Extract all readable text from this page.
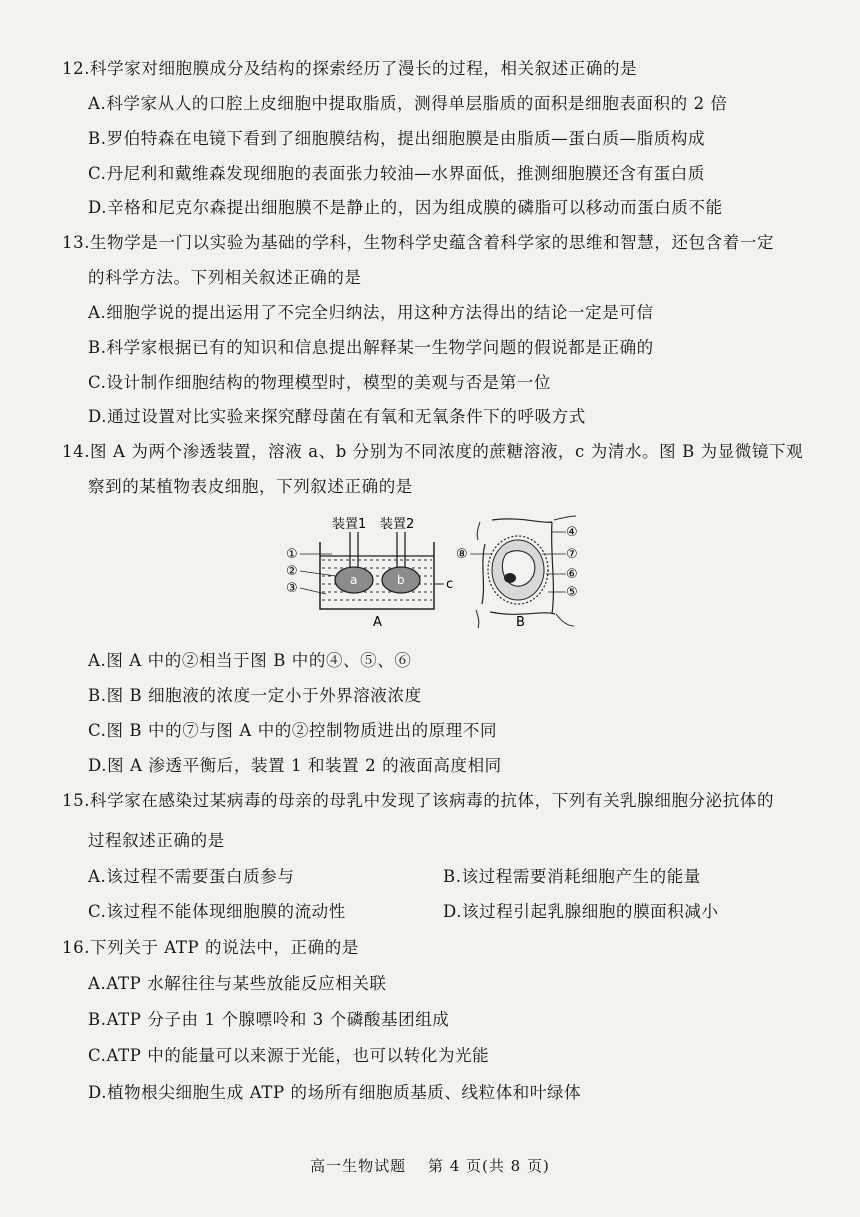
12.科学家对细胞膜成分及结构的探索经历了漫长的过程，相关叙述正确的是
A.科学家从人的口腔上皮细胞中提取脂质，测得单层脂质的面积是细胞表面积的 2 倍
B.罗伯特森在电镜下看到了细胞膜结构，提出细胞膜是由脂质—蛋白质—脂质构成
C.丹尼利和戴维森发现细胞的表面张力较油—水界面低，推测细胞膜还含有蛋白质
D.辛格和尼克尔森提出细胞膜不是静止的，因为组成膜的磷脂可以移动而蛋白质不能
13.生物学是一门以实验为基础的学科，生物科学史蕴含着科学家的思维和智慧，还包含着一定
的科学方法。下列相关叙述正确的是
A.细胞学说的提出运用了不完全归纳法，用这种方法得出的结论一定是可信
B.科学家根据已有的知识和信息提出解释某一生物学问题的假说都是正确的
C.设计制作细胞结构的物理模型时，模型的美观与否是第一位
D.通过设置对比实验来探究酵母菌在有氧和无氧条件下的呼吸方式
14.图 A 为两个渗透装置，溶液 a、b 分别为不同浓度的蔗糖溶液，c 为清水。图 B 为显微镜下观
察到的某植物表皮细胞，下列叙述正确的是
装置1 装置2
a	b	c
①
②
③
A
④
⑦
⑥
⑤
⑧
B
A.图 A 中的②相当于图 B 中的④、⑤、⑥
B.图 B 细胞液的浓度一定小于外界溶液浓度
C.图 B 中的⑦与图 A 中的②控制物质进出的原理不同
D.图 A 渗透平衡后，装置 1 和装置 2 的液面高度相同
15.科学家在感染过某病毒的母亲的母乳中发现了该病毒的抗体，下列有关乳腺细胞分泌抗体的
过程叙述正确的是
A.该过程不需要蛋白质参与	B.该过程需要消耗细胞产生的能量
C.该过程不能体现细胞膜的流动性	D.该过程引起乳腺细胞的膜面积减小
16.下列关于 ATP 的说法中，正确的是
A.ATP 水解往往与某些放能反应相关联
B.ATP 分子由 1 个腺嘌呤和 3 个磷酸基团组成
C.ATP 中的能量可以来源于光能，也可以转化为光能
D.植物根尖细胞生成 ATP 的场所有细胞质基质、线粒体和叶绿体
高一生物试题 第 4 页(共 8 页)
